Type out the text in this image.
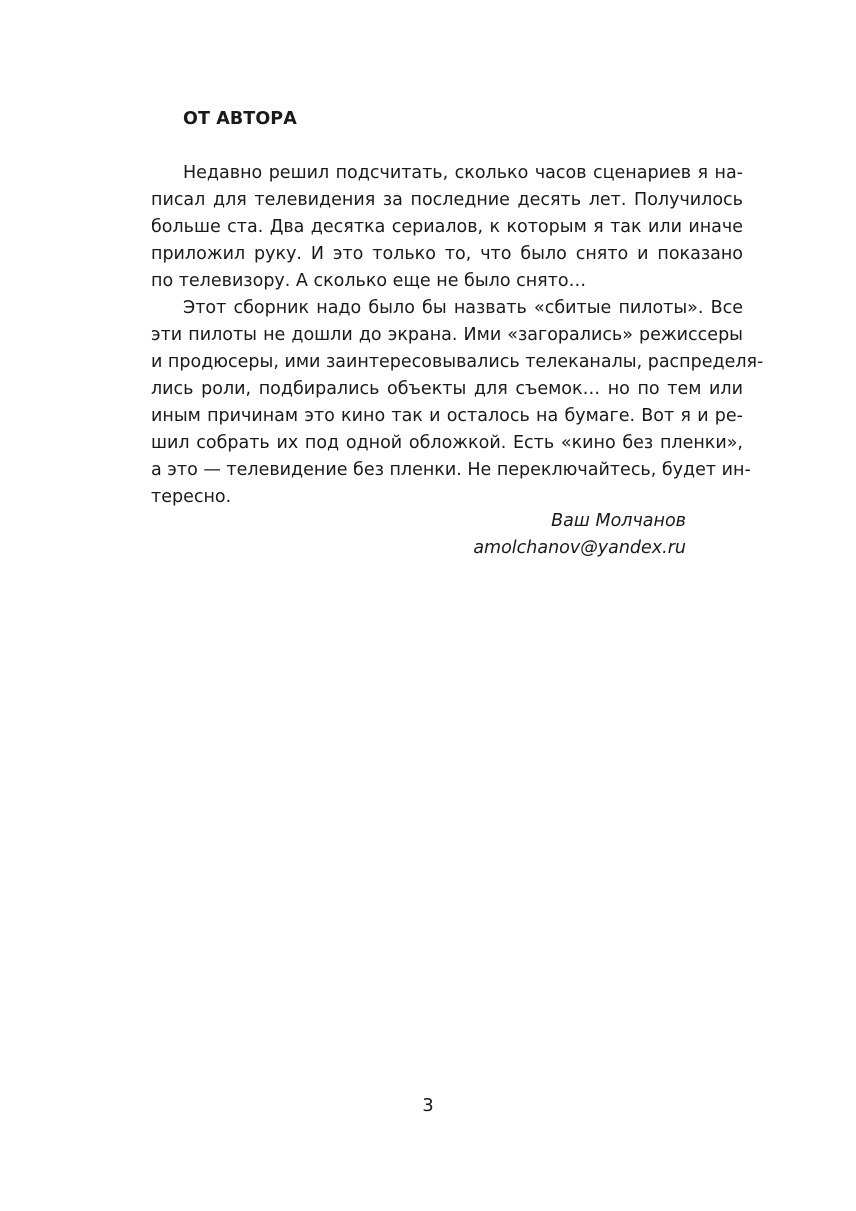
ОТ АВТОРА
Недавно решил подсчитать, сколько часов сценариев я на-
писал для телевидения за последние десять лет. Получилось
больше ста. Два десятка сериалов, к которым я так или иначе
приложил руку. И это только то, что было снято и показано
по телевизору. А сколько еще не было снято…
Этот сборник надо было бы назвать «сбитые пилоты». Все
эти пилоты не дошли до экрана. Ими «загорались» режиссеры
и продюсеры, ими заинтересовывались телеканалы, распределя-
лись роли, подбирались объекты для съемок… но по тем или
иным причинам это кино так и осталось на бумаге. Вот я и ре-
шил собрать их под одной обложкой. Есть «кино без пленки»,
а это — телевидение без пленки. Не переключайтесь, будет ин-
тересно.
Ваш Молчанов
amolchanov@yandex.ru
3
